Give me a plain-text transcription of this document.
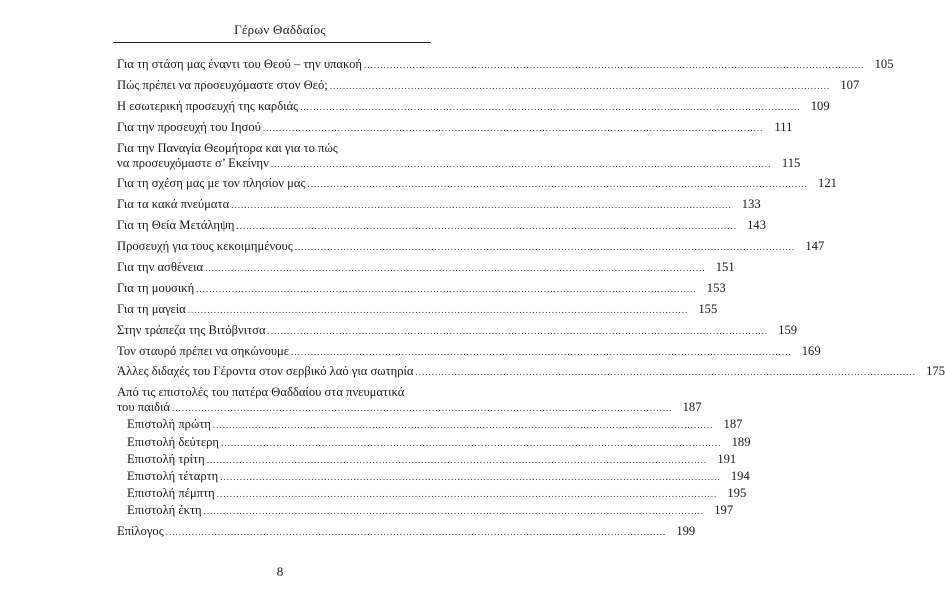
Γέρων Θαδδαίος
Για τη στάση μας έναντι του Θεού – την υπακοή .....	105
Πώς πρέπει να προσευχόμαστε στον Θεό; .....	107
Η εσωτερική προσευχή της καρδιάς .....	109
Για την προσευχή του Ιησού .....	111
Για την Παναγία Θεομήτορα και για το πώς
να προσευχόμαστε σ’ Εκείνην .....	115
Για τη σχέση μας με τον πλησίον μας .....	121
Για τα κακά πνεύματα .....	133
Για τη Θεία Μετάληψη .....	143
Προσευχή για τους κεκοιμημένους .....	147
Για την ασθένεια .....	151
Για τη μουσική .....	153
Για τη μαγεία .....	155
Στην τράπεζα της Βιτόβνιτσα .....	159
Τον σταυρό πρέπει να σηκώνουμε .....	169
Άλλες διδαχές του Γέροντα στον σερβικό λαό για σωτηρία .....	175
Από τις επιστολές του πατέρα Θαδδαίου στα πνευματικά
του παιδιά .....	187
Επιστολή πρώτη .....	187
Επιστολή δεύτερη .....	189
Επιστολή τρίτη .....	191
Επιστολή τέταρτη .....	194
Επιστολή πέμπτη .....	195
Επιστολή έκτη .....	197
Επίλογος .....	199
8
